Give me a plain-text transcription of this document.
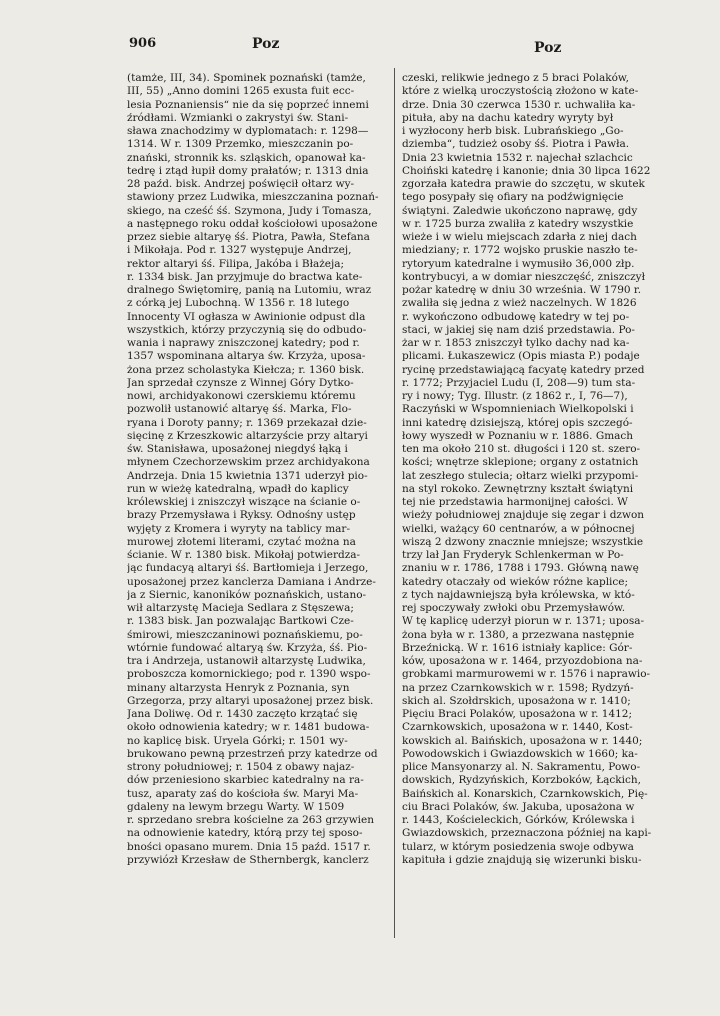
906	Poz	Poz
(tamże, III, 34). Spominek poznański (tamże,
III, 55) „Anno domini 1265 exusta fuit ecc-
lesia Poznaniensis“ nie da się poprzeć innemi
źródłami. Wzmianki o zakrystyi św. Stani-
sława znachodzimy w dyplomatach: r. 1298—
1314. W r. 1309 Przemko, mieszczanin po-
znański, stronnik ks. szląskich, opanował ka-
tedrę i ztąd łupił domy prałatów; r. 1313 dnia
28 paźd. bisk. Andrzej poświęcił ołtarz wy-
stawiony przez Ludwika, mieszczanina poznań-
skiego, na cześć śś. Szymona, Judy i Tomasza,
a następnego roku oddał kościołowi uposażone
przez siebie altaryę śś. Piotra, Pawła, Stefana
i Mikołaja. Pod r. 1327 występuje Andrzej,
rektor altaryi śś. Filipa, Jakóba i Błażeja;
r. 1334 bisk. Jan przyjmuje do bractwa kate-
dralnego Świętomirę, panią na Lutomiu, wraz
z córką jej Lubochną. W 1356 r. 18 lutego
Innocenty VI ogłasza w Awinionie odpust dla
wszystkich, którzy przyczynią się do odbudo-
wania i naprawy zniszczonej katedry; pod r.
1357 wspominana altarya św. Krzyża, uposa-
żona przez scholastyka Kiełcza; r. 1360 bisk.
Jan sprzedał czynsze z Winnej Góry Dytko-
nowi, archidyakonowi czerskiemu któremu
pozwolił ustanowić altaryę śś. Marka, Flo-
ryana i Doroty panny; r. 1369 przekazał dzie-
sięcinę z Krzeszkowic altarzyście przy altaryi
św. Stanisława, uposażonej niegdyś łąką i
młynem Czechorzewskim przez archidyakona
Andrzeja. Dnia 15 kwietnia 1371 uderzył pio-
run w wieżę katedralną, wpadł do kaplicy
królewskiej i zniszczył wiszące na ścianie o-
brazy Przemysława i Ryksy. Odnośny ustęp
wyjęty z Kromera i wyryty na tablicy mar-
murowej złotemi literami, czytać można na
ścianie. W r. 1380 bisk. Mikołaj potwierdza-
jąc fundacyą altaryi śś. Bartłomieja i Jerzego,
uposażonej przez kanclerza Damiana i Andrze-
ja z Siernic, kanoników poznańskich, ustano-
wił altarzystę Macieja Sedlara z Stęszewa;
r. 1383 bisk. Jan pozwalając Bartkowi Cze-
śmirowi, mieszczaninowi poznańskiemu, po-
wtórnie fundować altaryą św. Krzyża, śś. Pio-
tra i Andrzeja, ustanowił altarzystę Ludwika,
proboszcza komornickiego; pod r. 1390 wspo-
minany altarzysta Henryk z Poznania, syn
Grzegorza, przy altaryi uposażonej przez bisk.
Jana Doliwę. Od r. 1430 zaczęto krzątać się
około odnowienia katedry; w r. 1481 budowa-
no kaplicę bisk. Uryela Górki; r. 1501 wy-
brukowano pewną przestrzeń przy katedrze od
strony południowej; r. 1504 z obawy najaz-
dów przeniesiono skarbiec katedralny na ra-
tusz, aparaty zaś do kościoła św. Maryi Ma-
gdaleny na lewym brzegu Warty. W 1509
r. sprzedano srebra kościelne za 263 grzywien
na odnowienie katedry, którą przy tej sposo-
bności opasano murem. Dnia 15 paźd. 1517 r.
przywiózł Krzesław de Sthernbergk, kanclerz
czeski, relikwie jednego z 5 braci Polaków,
które z wielką uroczystością złożono w kate-
drze. Dnia 30 czerwca 1530 r. uchwaliła ka-
pituła, aby na dachu katedry wyryty był
i wyzłocony herb bisk. Lubrańskiego „Go-
dziemba“, tudzież osoby śś. Piotra i Pawła.
Dnia 23 kwietnia 1532 r. najechał szlachcic
Choiński katedrę i kanonie; dnia 30 lipca 1622
zgorzała katedra prawie do szczętu, w skutek
tego posypały się ofiary na podźwignięcie
świątyni. Zaledwie ukończono naprawę, gdy
w r. 1725 burza zwaliła z katedry wszystkie
wieże i w wielu miejscach zdarła z niej dach
miedziany; r. 1772 wojsko pruskie naszło te-
rytoryum katedralne i wymusiło 36,000 złp.
kontrybucyi, a w domiar nieszczęść, zniszczył
pożar katedrę w dniu 30 września. W 1790 r.
zwaliła się jedna z wież naczelnych. W 1826
r. wykończono odbudowę katedry w tej po-
staci, w jakiej się nam dziś przedstawia. Po-
żar w r. 1853 zniszczył tylko dachy nad ka-
plicami. Łukaszewicz (Opis miasta P.) podaje
rycinę przedstawiającą facyatę katedry przed
r. 1772; Przyjaciel Ludu (I, 208—9) tum sta-
ry i nowy; Tyg. Illustr. (z 1862 r., I, 76—7),
Raczyński w Wspomnieniach Wielkopolski i
inni katedrę dzisiejszą, której opis szczegó-
łowy wyszedł w Poznaniu w r. 1886. Gmach
ten ma około 210 st. długości i 120 st. szero-
kości; wnętrze sklepione; organy z ostatnich
lat zeszłego stulecia; ołtarz wielki przypomi-
na styl rokoko. Zewnętrzny kształt świątyni
tej nie przedstawia harmonijnej całości. W
wieży południowej znajduje się zegar i dzwon
wielki, ważący 60 centnarów, a w północnej
wiszą 2 dzwony znacznie mniejsze; wszystkie
trzy lał Jan Fryderyk Schlenkerman w Po-
znaniu w r. 1786, 1788 i 1793. Główną nawę
katedry otaczały od wieków różne kaplice;
z tych najdawniejszą była królewska, w któ-
rej spoczywały zwłoki obu Przemysławów.
W tę kaplicę uderzył piorun w r. 1371; uposa-
żona była w r. 1380, a przezwana następnie
Brzeźnicką. W r. 1616 istniały kaplice: Gór-
ków, uposażona w r. 1464, przyozdobiona na-
grobkami marmurowemi w r. 1576 i naprawio-
na przez Czarnkowskich w r. 1598; Rydzyń-
skich al. Szołdrskich, uposażona w r. 1410;
Pięciu Braci Polaków, uposażona w r. 1412;
Czarnkowskich, uposażona w r. 1440, Kost-
kowskich al. Baińskich, uposażona w r. 1440;
Powodowskich i Gwiazdowskich w 1660; ka-
plice Mansyonarzy al. N. Sakramentu, Powo-
dowskich, Rydzyńskich, Korzboków, Łąckich,
Baińskich al. Konarskich, Czarnkowskich, Pię-
ciu Braci Polaków, św. Jakuba, uposażona w
r. 1443, Kościeleckich, Górków, Królewska i
Gwiazdowskich, przeznaczona później na kapi-
tularz, w którym posiedzenia swoje odbywa
kapituła i gdzie znajdują się wizerunki bisku-
